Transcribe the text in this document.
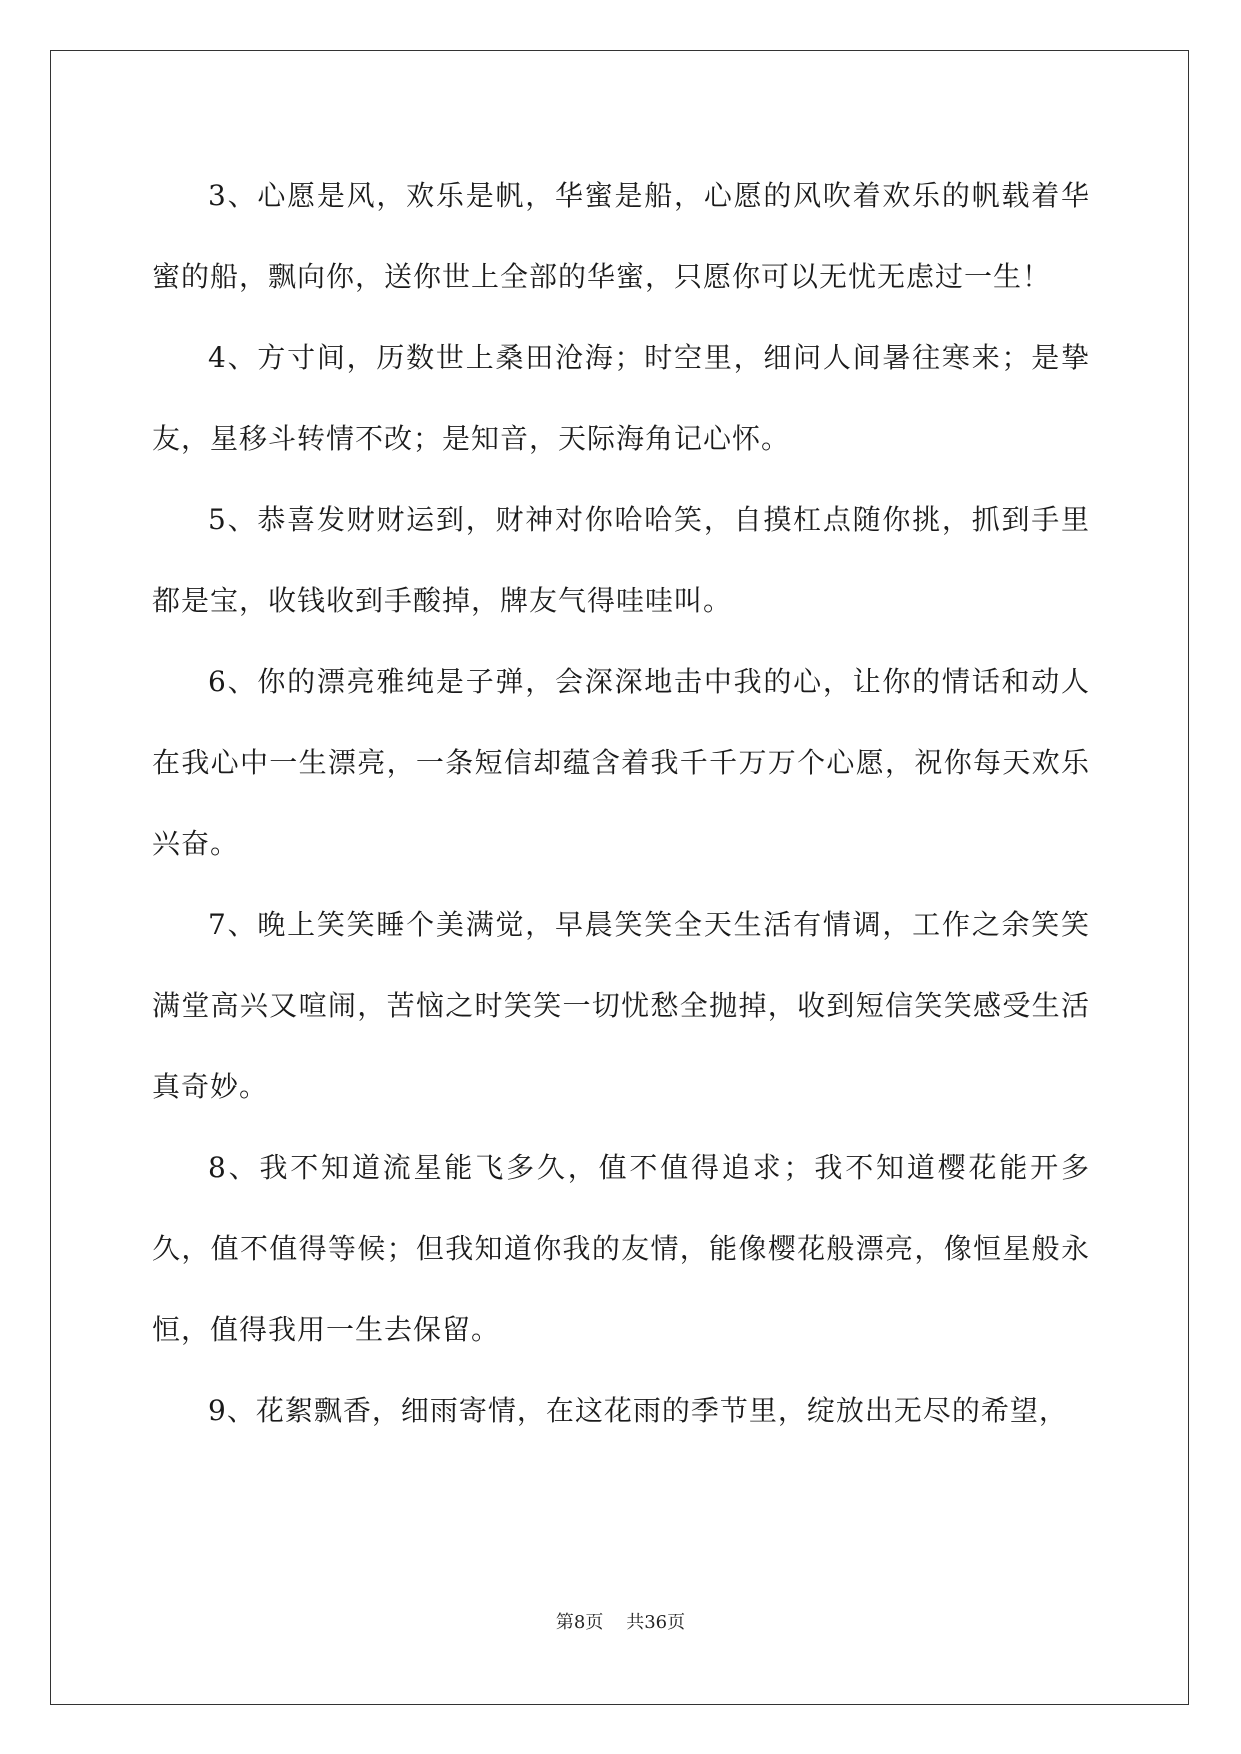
3、心愿是风，欢乐是帆，华蜜是船，心愿的风吹着欢乐的帆载着华蜜的船，飘向你，送你世上全部的华蜜，只愿你可以无忧无虑过一生！

4、方寸间，历数世上桑田沧海；时空里，细问人间暑往寒来；是挚友，星移斗转情不改；是知音，天际海角记心怀。

5、恭喜发财财运到，财神对你哈哈笑，自摸杠点随你挑，抓到手里都是宝，收钱收到手酸掉，牌友气得哇哇叫。

6、你的漂亮雅纯是子弹，会深深地击中我的心，让你的情话和动人在我心中一生漂亮，一条短信却蕴含着我千千万万个心愿，祝你每天欢乐兴奋。

7、晚上笑笑睡个美满觉，早晨笑笑全天生活有情调，工作之余笑笑满堂高兴又喧闹，苦恼之时笑笑一切忧愁全抛掉，收到短信笑笑感受生活真奇妙。

8、我不知道流星能飞多久，值不值得追求；我不知道樱花能开多久，值不值得等候；但我知道你我的友情，能像樱花般漂亮，像恒星般永恒，值得我用一生去保留。

9、花絮飘香，细雨寄情，在这花雨的季节里，绽放出无尽的希望，

第8页 共36页
